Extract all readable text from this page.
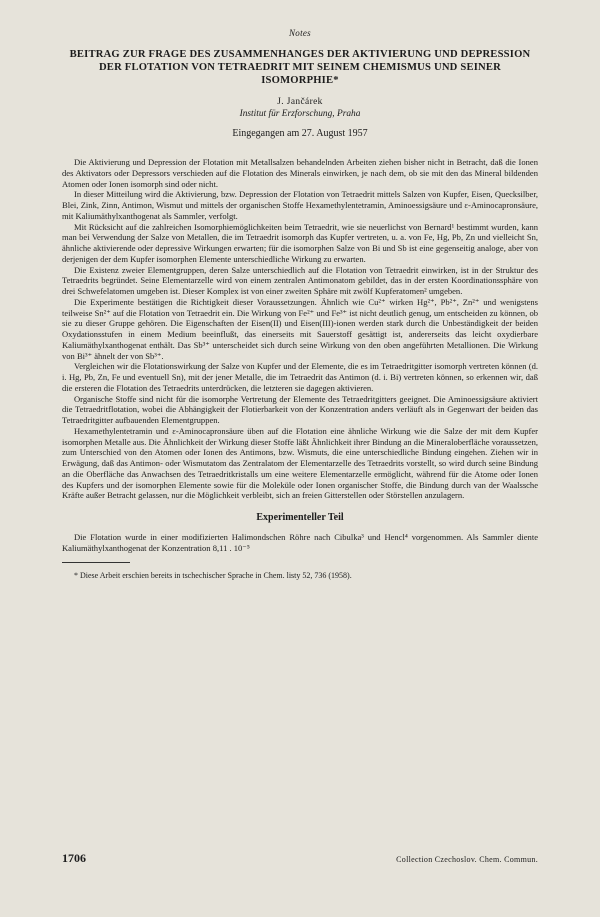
Notes
BEITRAG ZUR FRAGE DES ZUSAMMENHANGES DER AKTIVIERUNG UND DEPRESSION DER FLOTATION VON TETRAEDRIT MIT SEINEM CHEMISMUS UND SEINER ISOMORPHIE*
J. Jančárek
Institut für Erzforschung, Praha
Eingegangen am 27. August 1957

Die Aktivierung und Depression der Flotation mit Metallsalzen behandelnden Arbeiten ziehen bisher nicht in Betracht, daß die Ionen des Aktivators oder Depressors verschieden auf die Flotation des Minerals einwirken, je nach dem, ob sie mit den das Mineral bildenden Atomen oder Ionen isomorph sind oder nicht.

In dieser Mitteilung wird die Aktivierung, bzw. Depression der Flotation von Tetraedrit mittels Salzen von Kupfer, Eisen, Quecksilber, Blei, Zink, Zinn, Antimon, Wismut und mittels der organischen Stoffe Hexamethylentetramin, Aminoessigsäure und ε-Aminocapronsäure, mit Kaliumäthylxanthogenat als Sammler, verfolgt.

Mit Rücksicht auf die zahlreichen Isomorphiemöglichkeiten beim Tetraedrit, wie sie neuerlichst von Bernard¹ bestimmt wurden, kann man bei Verwendung der Salze von Metallen, die im Tetraedrit isomorph das Kupfer vertreten, u. a. von Fe, Hg, Pb, Zn und vielleicht Sn, ähnliche aktivierende oder depressive Wirkungen erwarten; für die isomorphen Salze von Bi und Sb ist eine gegenseitig analoge, aber von derjenigen der dem Kupfer isomorphen Elemente unterschiedliche Wirkung zu erwarten.

Die Existenz zweier Elementgruppen, deren Salze unterschiedlich auf die Flotation von Tetraedrit einwirken, ist in der Struktur des Tetraedrits begründet. Seine Elementarzelle wird von einem zentralen Antimonatom gebildet, das in der ersten Koordinationssphäre von drei Schwefelatomen umgeben ist. Dieser Komplex ist von einer zweiten Sphäre mit zwölf Kupferatomen² umgeben.

Die Experimente bestätigen die Richtigkeit dieser Voraussetzungen. Ähnlich wie Cu²⁺ wirken Hg²⁺, Pb²⁺, Zn²⁺ und wenigstens teilweise Sn²⁺ auf die Flotation von Tetraedrit ein. Die Wirkung von Fe²⁺ und Fe³⁺ ist nicht deutlich genug, um entscheiden zu können, ob sie zu dieser Gruppe gehören. Die Eigenschaften der Eisen(II) und Eisen(III)-ionen werden stark durch die Unbeständigkeit der beiden Oxydationsstufen in einem Medium beeinflußt, das einerseits mit Sauerstoff gesättigt ist, andererseits das leicht oxydierbare Kaliumäthylxanthogenat enthält. Das Sb³⁺ unterscheidet sich durch seine Wirkung von den oben angeführten Metallionen. Die Wirkung von Bi³⁺ ähnelt der von Sb³⁺.

Vergleichen wir die Flotationswirkung der Salze von Kupfer und der Elemente, die es im Tetraedritgitter isomorph vertreten können (d. i. Hg, Pb, Zn, Fe und eventuell Sn), mit der jener Metalle, die im Tetraedrit das Antimon (d. i. Bi) vertreten können, so erkennen wir, daß die ersteren die Flotation des Tetraedrits unterdrücken, die letzteren sie dagegen aktivieren.

Organische Stoffe sind nicht für die isomorphe Vertretung der Elemente des Tetraedritgitters geeignet. Die Aminoessigsäure aktiviert die Tetraedritflotation, wobei die Abhängigkeit der Flotierbarkeit von der Konzentration anders verläuft als in Gegenwart der beiden das Tetraedritgitter aufbauenden Elementgruppen.

Hexamethylentetramin und ε-Aminocapronsäure üben auf die Flotation eine ähnliche Wirkung wie die Salze der mit dem Kupfer isomorphen Metalle aus. Die Ähnlichkeit der Wirkung dieser Stoffe läßt Ähnlichkeit ihrer Bindung an die Mineraloberfläche voraussetzen, zum Unterschied von den Atomen oder Ionen des Antimons, bzw. Wismuts, die eine unterschiedliche Bindung eingehen. Ziehen wir in Erwägung, daß das Antimon- oder Wismutatom das Zentralatom der Elementarzelle des Tetraedrits vorstellt, so wird durch seine Bindung an die Oberfläche das Anwachsen des Tetraedritkristalls um eine weitere Elementarzelle ermöglicht, während für die Atome oder Ionen des Kupfers und der isomorphen Elemente sowie für die Moleküle oder Ionen organischer Stoffe, die Bindung durch van der Waalssche Kräfte außer Betracht gelassen, nur die Möglichkeit verbleibt, sich an freien Gitterstellen oder Störstellen anzulagern.

Experimenteller Teil

Die Flotation wurde in einer modifizierten Halimondschen Röhre nach Cibulka³ und Hencl⁴ vorgenommen. Als Sammler diente Kaliumäthylxanthogenat der Konzentration 8,11 . 10⁻⁵

* Diese Arbeit erschien bereits in tschechischer Sprache in Chem. listy 52, 736 (1958).
1706	Collection Czechoslov. Chem. Commun.
